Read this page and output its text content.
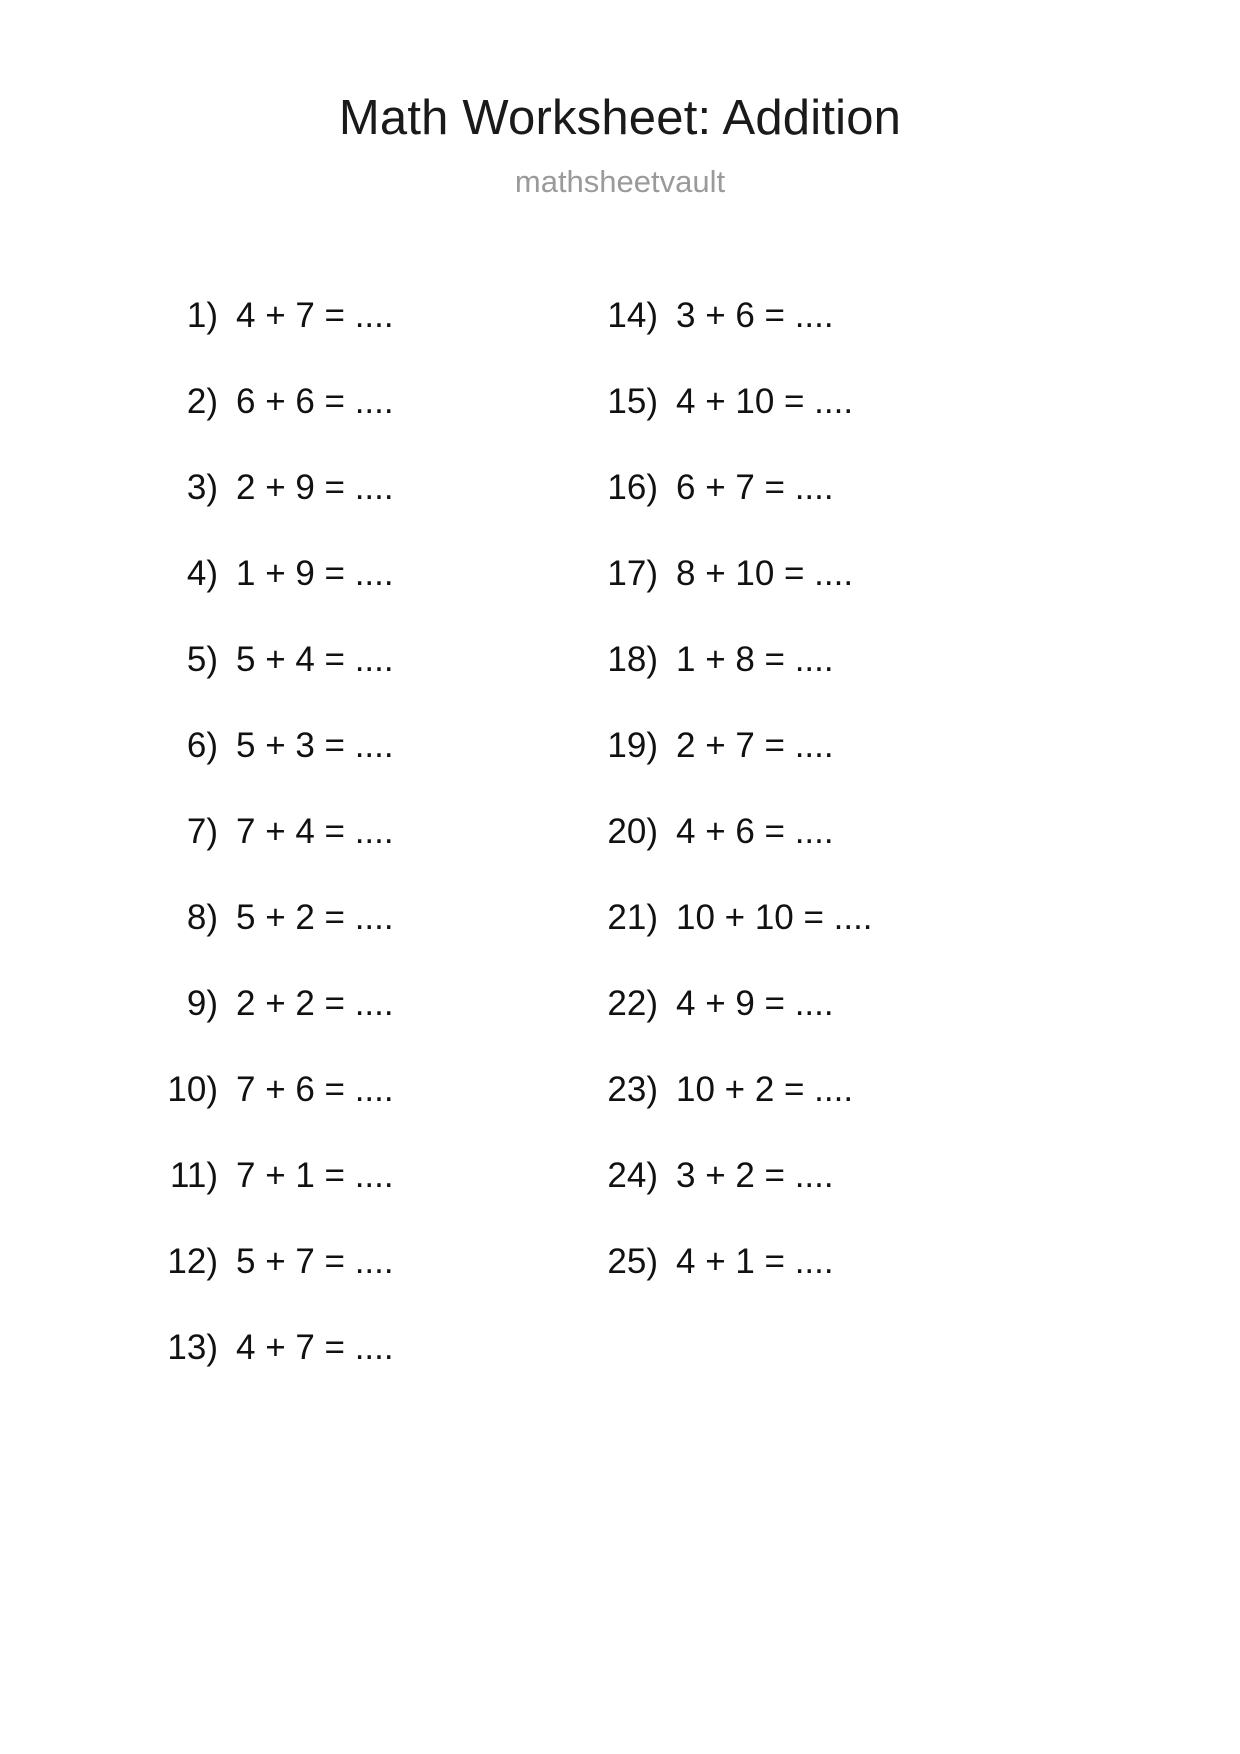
Math Worksheet: Addition
mathsheetvault
1) 4 + 7 = ....
2) 6 + 6 = ....
3) 2 + 9 = ....
4) 1 + 9 = ....
5) 5 + 4 = ....
6) 5 + 3 = ....
7) 7 + 4 = ....
8) 5 + 2 = ....
9) 2 + 2 = ....
10) 7 + 6 = ....
11) 7 + 1 = ....
12) 5 + 7 = ....
13) 4 + 7 = ....
14) 3 + 6 = ....
15) 4 + 10 = ....
16) 6 + 7 = ....
17) 8 + 10 = ....
18) 1 + 8 = ....
19) 2 + 7 = ....
20) 4 + 6 = ....
21) 10 + 10 = ....
22) 4 + 9 = ....
23) 10 + 2 = ....
24) 3 + 2 = ....
25) 4 + 1 = ....
